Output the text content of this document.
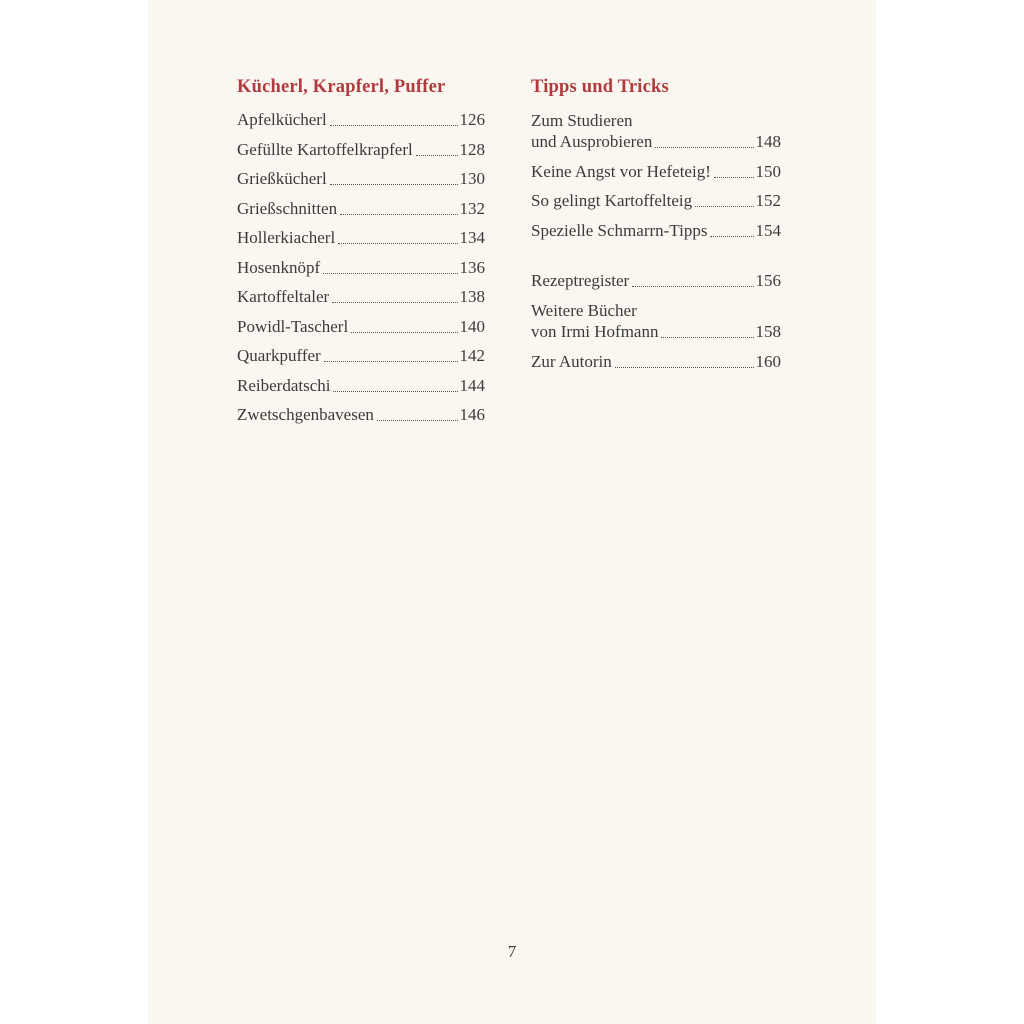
Kücherl, Krapferl, Puffer
Apfelkücherl	126
Gefüllte Kartoffelkrapferl	128
Grießkücherl	130
Grießschnitten	132
Hollerkiacherl	134
Hosenknöpf	136
Kartoffeltaler	138
Powidl-Tascherl	140
Quarkpuffer	142
Reiberdatschi	144
Zwetschgenbavesen	146
Tipps und Tricks
Zum Studieren
und Ausprobieren	148
Keine Angst vor Hefeteig!	150
So gelingt Kartoffelteig	152
Spezielle Schmarrn-Tipps	154
Rezeptregister	156
Weitere Bücher
von Irmi Hofmann	158
Zur Autorin	160
7
